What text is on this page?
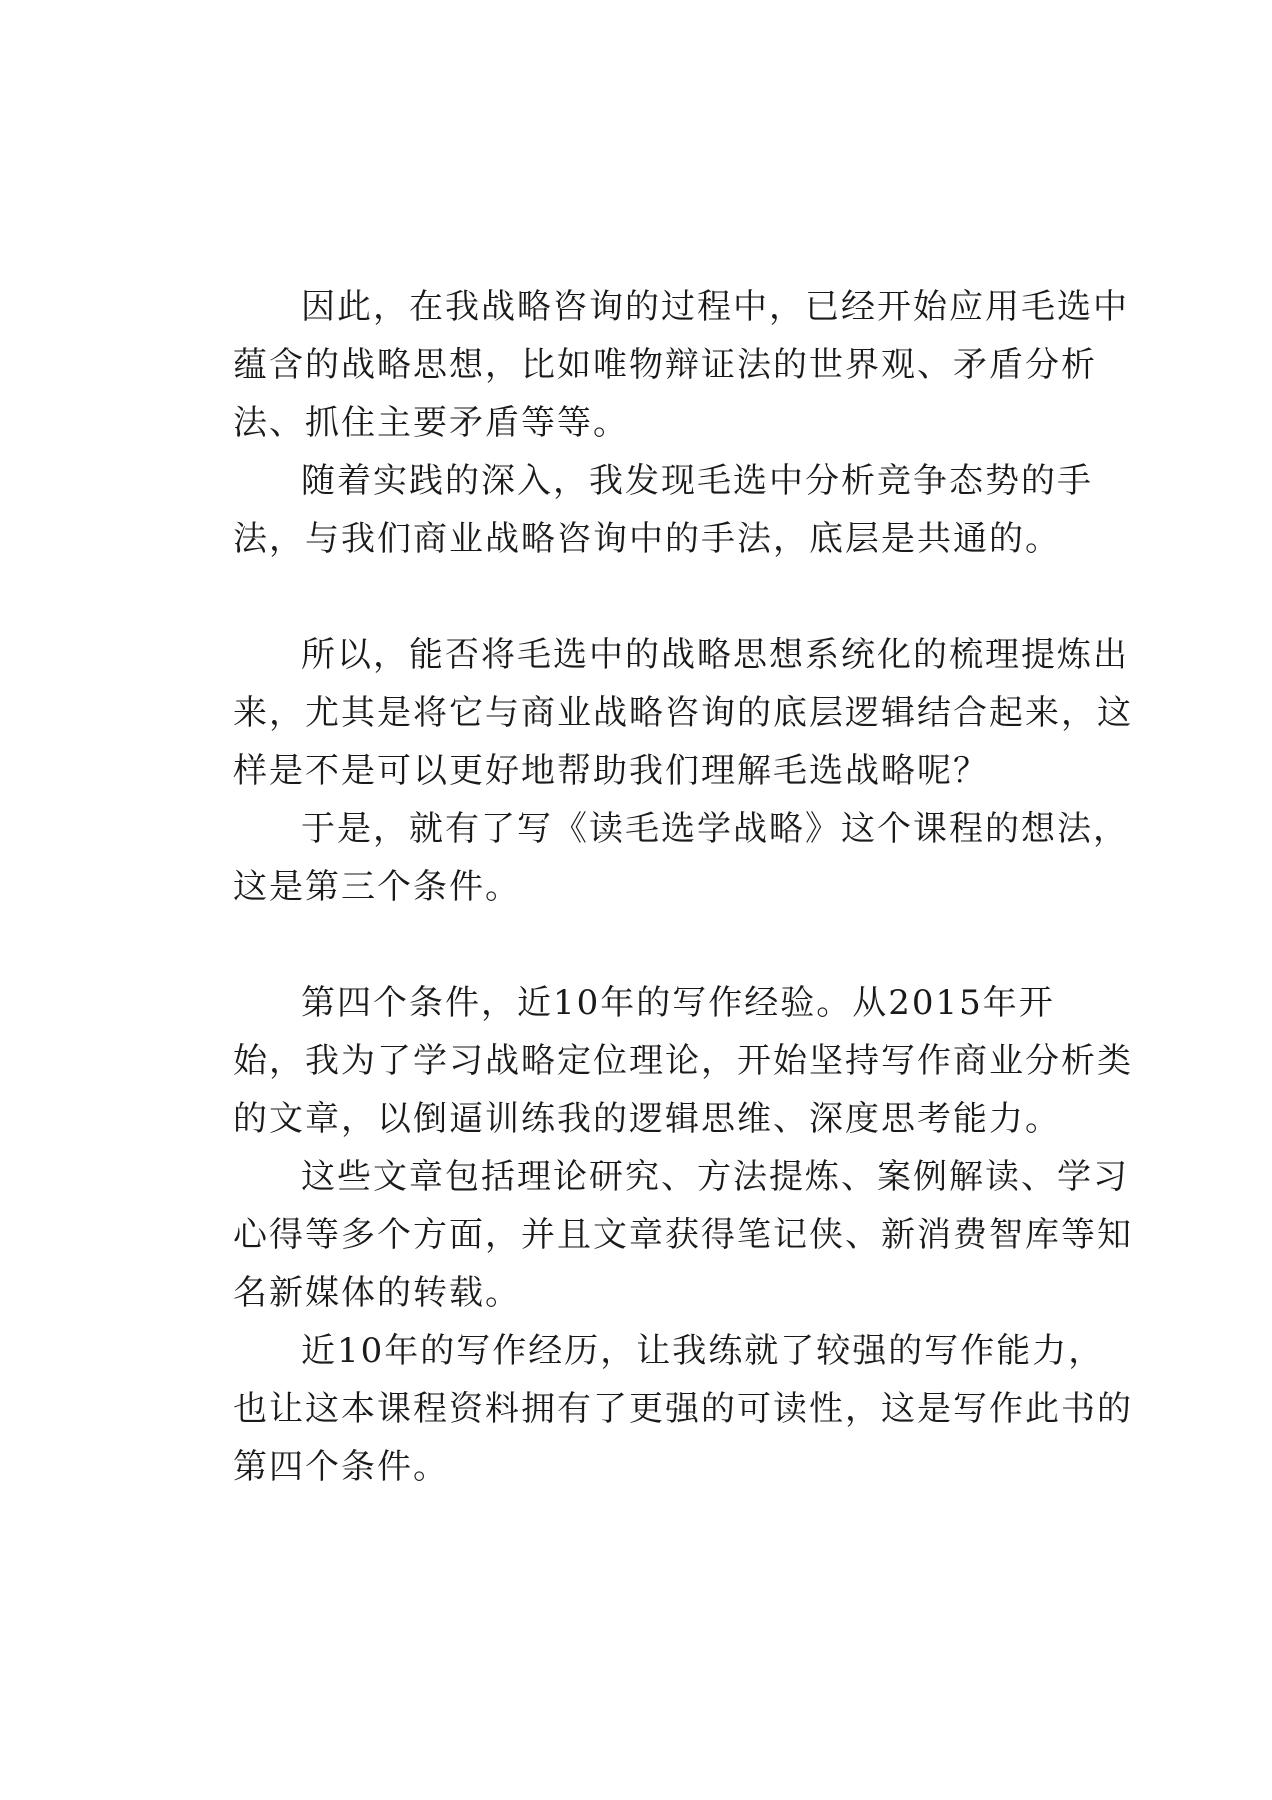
因此，在我战略咨询的过程中，已经开始应用毛选中
蕴含的战略思想，比如唯物辩证法的世界观、矛盾分析
法、抓住主要矛盾等等。
随着实践的深入，我发现毛选中分析竞争态势的手
法，与我们商业战略咨询中的手法，底层是共通的。
所以，能否将毛选中的战略思想系统化的梳理提炼出
来，尤其是将它与商业战略咨询的底层逻辑结合起来，这
样是不是可以更好地帮助我们理解毛选战略呢？
于是，就有了写《读毛选学战略》这个课程的想法，
这是第三个条件。
第四个条件，近10年的写作经验。从2015年开
始，我为了学习战略定位理论，开始坚持写作商业分析类
的文章，以倒逼训练我的逻辑思维、深度思考能力。
这些文章包括理论研究、方法提炼、案例解读、学习
心得等多个方面，并且文章获得笔记侠、新消费智库等知
名新媒体的转载。
近10年的写作经历，让我练就了较强的写作能力，
也让这本课程资料拥有了更强的可读性，这是写作此书的
第四个条件。
